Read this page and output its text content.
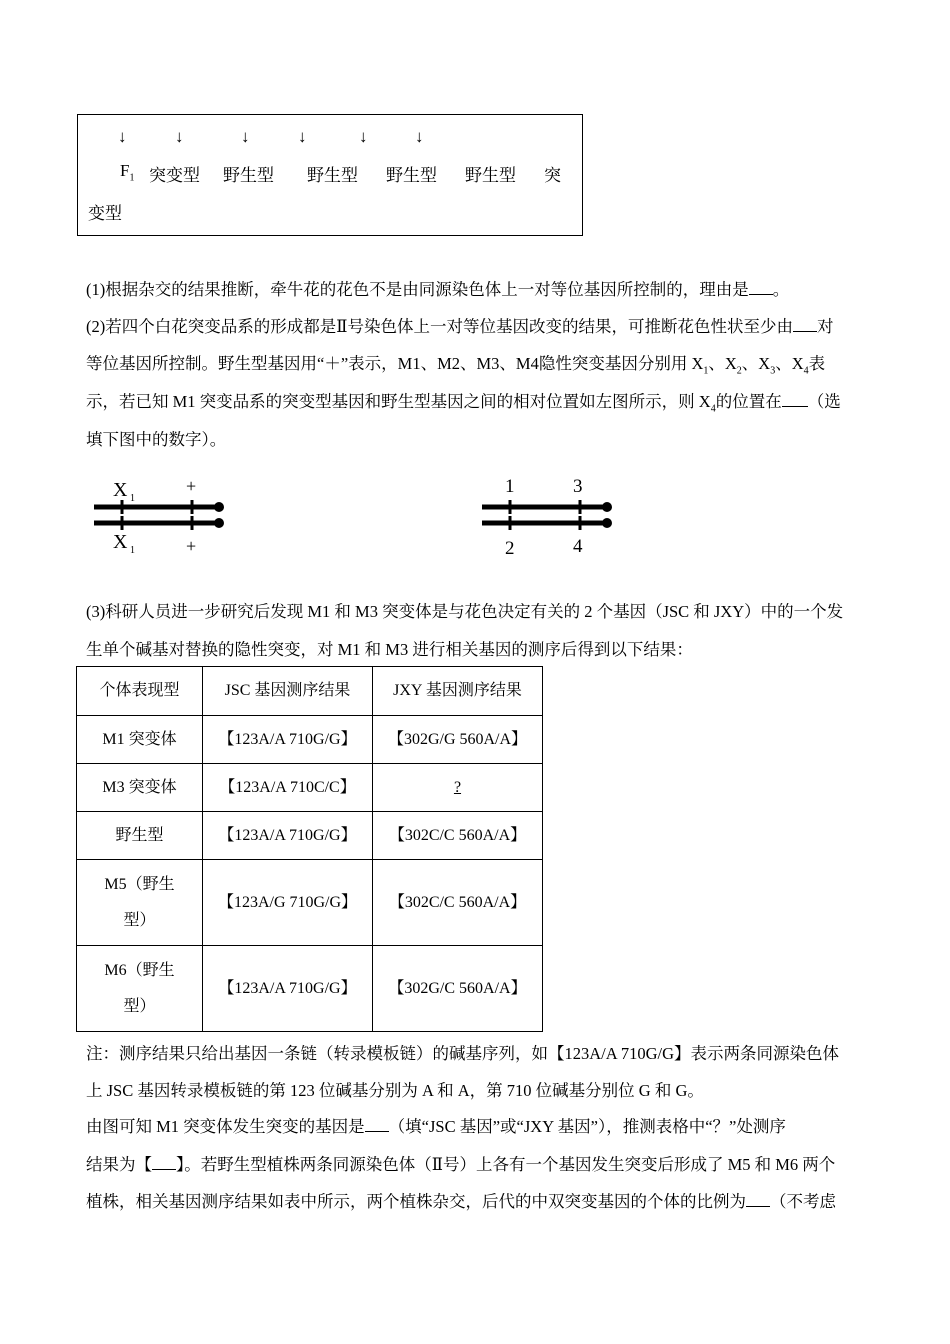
↓	↓	↓	↓	↓	↓
$F_1$ 突变型 野生型 野生型 野生型 野生型 突
变型
(1)根据杂交的结果推断，牵牛花的花色不是由同源染色体上一对等位基因所控制的，理由是 。
(2)若四个白花突变品系的形成都是Ⅱ号染色体上一对等位基因改变的结果，可推断花色性状至少由 对
等位基因所控制。野生型基因用“＋”表示，M1、M2、M3、M4隐性突变基因分别用 $X_1$、$X_2$、$X_3$、$X_4$表
示，若已知 M1 突变品系的突变型基因和野生型基因之间的相对位置如左图所示，则 $X_4$的位置在 （选
填下图中的数字）。
X 1
+
X 1	+
1	3
2	4
(3)科研人员进一步研究后发现 M1 和 M3 突变体是与花色决定有关的 2 个基因（JSC 和 JXY）中的一个发
生单个碱基对替换的隐性突变，对 M1 和 M3 进行相关基因的测序后得到以下结果：
个体表现型	JSC 基因测序结果	JXY 基因测序结果
M1 突变体	【123A/A 710G/G】	【302G/G 560A/A】
M3 突变体	【123A/A 710C/C】	?
野生型	【123A/A 710G/G】	【302C/C 560A/A】

M5（野生
型）	【123A/G 710G/G】	【302C/C 560A/A】

M6（野生
型）	【123A/A 710G/G】	【302G/C 560A/A】
注：测序结果只给出基因一条链（转录模板链）的碱基序列，如【123A/A 710G/G】表示两条同源染色体
上 JSC 基因转录模板链的第 123 位碱基分别为 A 和 A，第 710 位碱基分别位 G 和 G。
由图可知 M1 突变体发生突变的基因是 （填“JSC 基因”或“JXY 基因”），推测表格中“？”处测序
结果为【 】。若野生型植株两条同源染色体（Ⅱ号）上各有一个基因发生突变后形成了 M5 和 M6 两个
植株，相关基因测序结果如表中所示，两个植株杂交，后代的中双突变基因的个体的比例为 （不考虑
